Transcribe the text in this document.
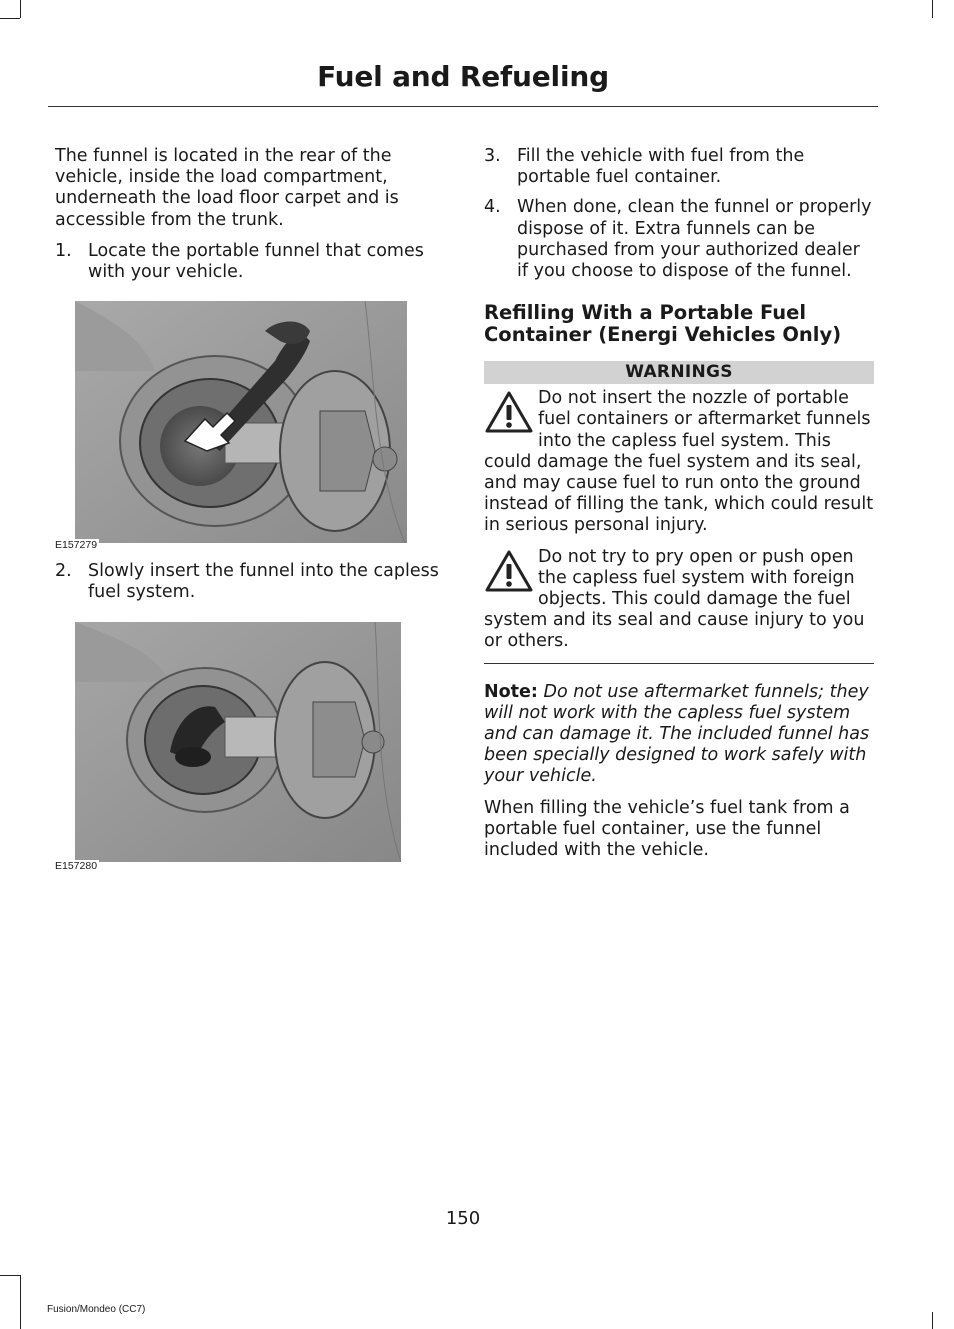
Fuel and Refueling

The funnel is located in the rear of the vehicle, inside the load compartment, underneath the load floor carpet and is accessible from the trunk.

1. Locate the portable funnel that comes with your vehicle.
E157279
2. Slowly insert the funnel into the capless fuel system.
E157280
3. Fill the vehicle with fuel from the portable fuel container.
4. When done, clean the funnel or properly dispose of it. Extra funnels can be purchased from your authorized dealer if you choose to dispose of the funnel.
Refilling With a Portable Fuel Container (Energi Vehicles Only)
WARNINGS
Do not insert the nozzle of portable fuel containers or aftermarket funnels into the capless fuel system. This could damage the fuel system and its seal, and may cause fuel to run onto the ground instead of filling the tank, which could result in serious personal injury.
Do not try to pry open or push open the capless fuel system with foreign objects. This could damage the fuel system and its seal and cause injury to you or others.

Note: Do not use aftermarket funnels; they will not work with the capless fuel system and can damage it. The included funnel has been specially designed to work safely with your vehicle.

When filling the vehicle’s fuel tank from a portable fuel container, use the funnel included with the vehicle.

150
Fusion/Mondeo (CC7)
